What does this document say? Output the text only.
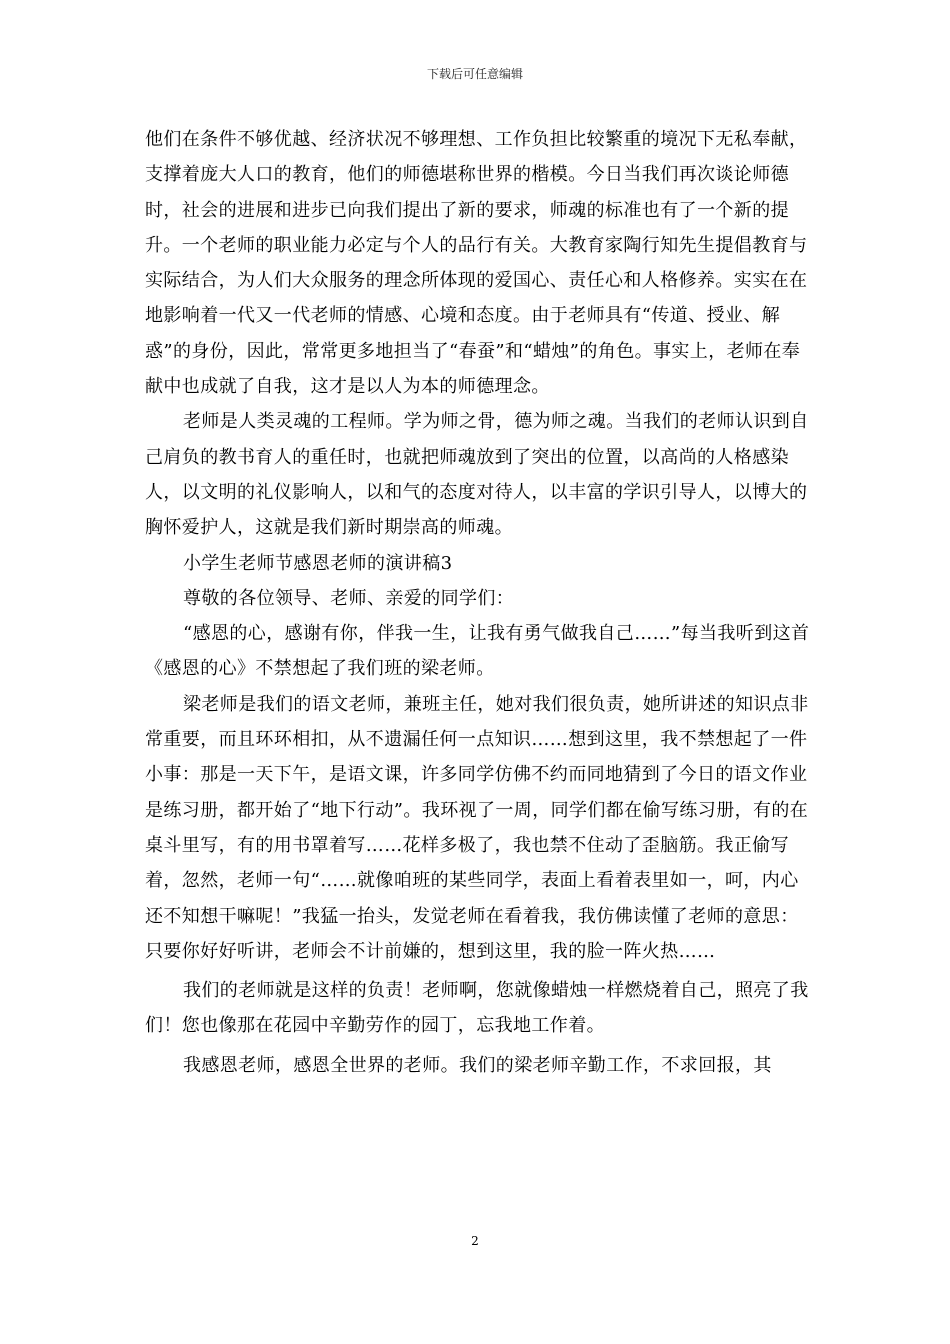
下载后可任意编辑

他们在条件不够优越、经济状况不够理想、工作负担比较繁重的境况下无私奉献，支撑着庞大人口的教育，他们的师德堪称世界的楷模。今日当我们再次谈论师德时，社会的进展和进步已向我们提出了新的要求，师魂的标准也有了一个新的提升。一个老师的职业能力必定与个人的品行有关。大教育家陶行知先生提倡教育与实际结合，为人们大众服务的理念所体现的爱国心、责任心和人格修养。实实在在地影响着一代又一代老师的情感、心境和态度。由于老师具有“传道、授业、解惑”的身份，因此，常常更多地担当了“春蚕”和“蜡烛”的角色。事实上，老师在奉献中也成就了自我，这才是以人为本的师德理念。

老师是人类灵魂的工程师。学为师之骨，德为师之魂。当我们的老师认识到自己肩负的教书育人的重任时，也就把师魂放到了突出的位置，以高尚的人格感染人，以文明的礼仪影响人，以和气的态度对待人，以丰富的学识引导人，以博大的胸怀爱护人，这就是我们新时期崇高的师魂。

小学生老师节感恩老师的演讲稿3

尊敬的各位领导、老师、亲爱的同学们：

“感恩的心，感谢有你，伴我一生，让我有勇气做我自己……”每当我听到这首《感恩的心》不禁想起了我们班的梁老师。

梁老师是我们的语文老师，兼班主任，她对我们很负责，她所讲述的知识点非常重要，而且环环相扣，从不遗漏任何一点知识……想到这里，我不禁想起了一件小事：那是一天下午，是语文课，许多同学仿佛不约而同地猜到了今日的语文作业是练习册，都开始了“地下行动”。我环视了一周，同学们都在偷写练习册，有的在桌斗里写，有的用书罩着写……花样多极了，我也禁不住动了歪脑筋。我正偷写着，忽然，老师一句“……就像咱班的某些同学，表面上看着表里如一，呵，内心还不知想干嘛呢！”我猛一抬头，发觉老师在看着我，我仿佛读懂了老师的意思：只要你好好听讲，老师会不计前嫌的，想到这里，我的脸一阵火热……

我们的老师就是这样的负责！老师啊，您就像蜡烛一样燃烧着自己，照亮了我们！您也像那在花园中辛勤劳作的园丁，忘我地工作着。

我感恩老师，感恩全世界的老师。我们的梁老师辛勤工作，不求回报，其

2
